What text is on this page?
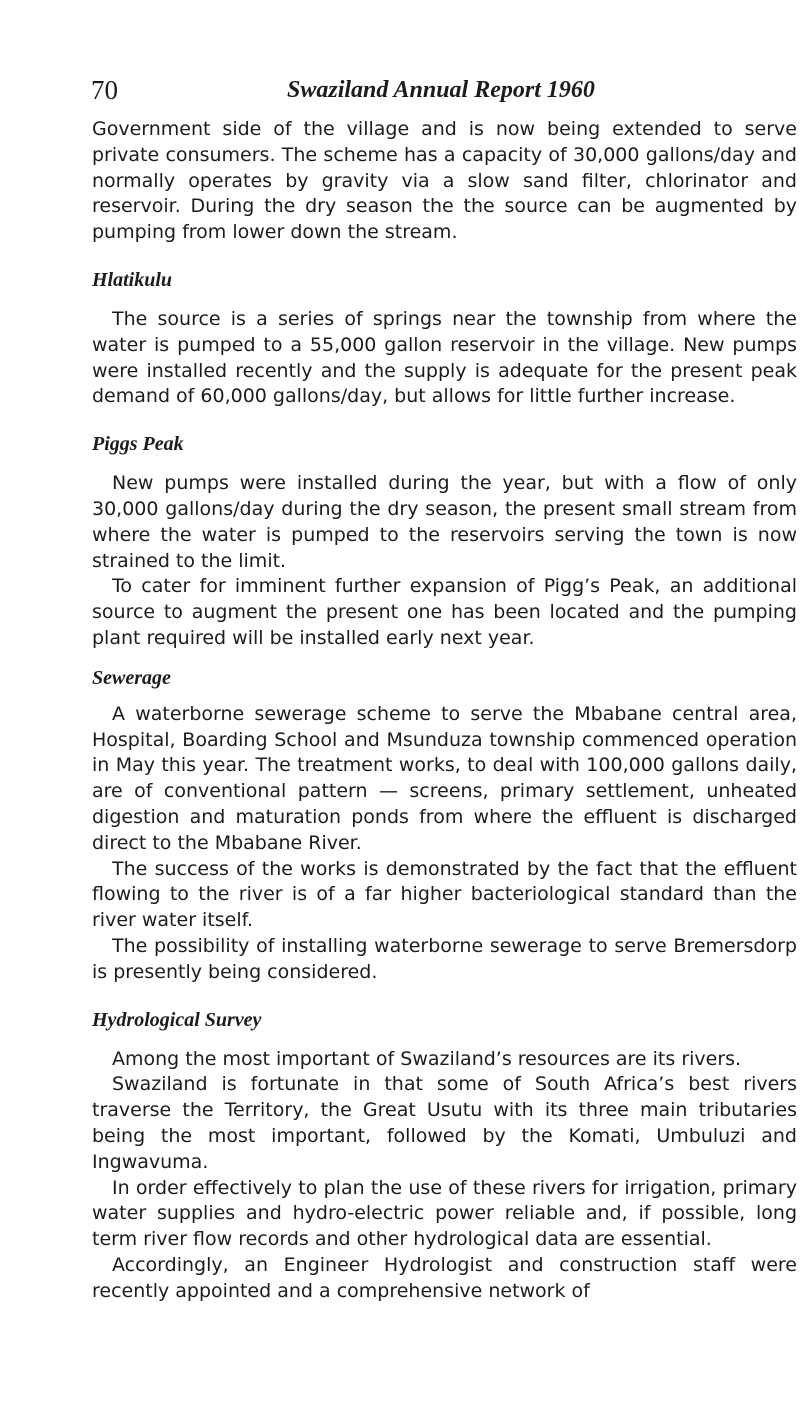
70	Swaziland Annual Report 1960

Government side of the village and is now being extended to serve private consumers. The scheme has a capacity of 30,000 gallons/day and normally operates by gravity via a slow sand filter, chlorinator and reservoir. During the dry season the the source can be augmented by pumping from lower down the stream.

Hlatikulu

The source is a series of springs near the township from where the water is pumped to a 55,000 gallon reservoir in the village. New pumps were installed recently and the supply is adequate for the present peak demand of 60,000 gallons/day, but allows for little further increase.

Piggs Peak

New pumps were installed during the year, but with a flow of only 30,000 gallons/day during the dry season, the present small stream from where the water is pumped to the reservoirs serving the town is now strained to the limit.

To cater for imminent further expansion of Pigg’s Peak, an additional source to augment the present one has been located and the pumping plant required will be installed early next year.

Sewerage

A waterborne sewerage scheme to serve the Mbabane central area, Hospital, Boarding School and Msunduza township commenced operation in May this year. The treatment works, to deal with 100,000 gallons daily, are of conventional pattern — screens, primary settlement, unheated digestion and maturation ponds from where the effluent is discharged direct to the Mbabane River.

The success of the works is demonstrated by the fact that the effluent flowing to the river is of a far higher bacteriological standard than the river water itself.

The possibility of installing waterborne sewerage to serve Bremersdorp is presently being considered.

Hydrological Survey

Among the most important of Swaziland’s resources are its rivers.

Swaziland is fortunate in that some of South Africa’s best rivers traverse the Territory, the Great Usutu with its three main tributaries being the most important, followed by the Komati, Umbuluzi and Ingwavuma.

In order effectively to plan the use of these rivers for irrigation, primary water supplies and hydro-electric power reliable and, if possible, long term river flow records and other hydrological data are essential.

Accordingly, an Engineer Hydrologist and construction staff were recently appointed and a comprehensive network of
